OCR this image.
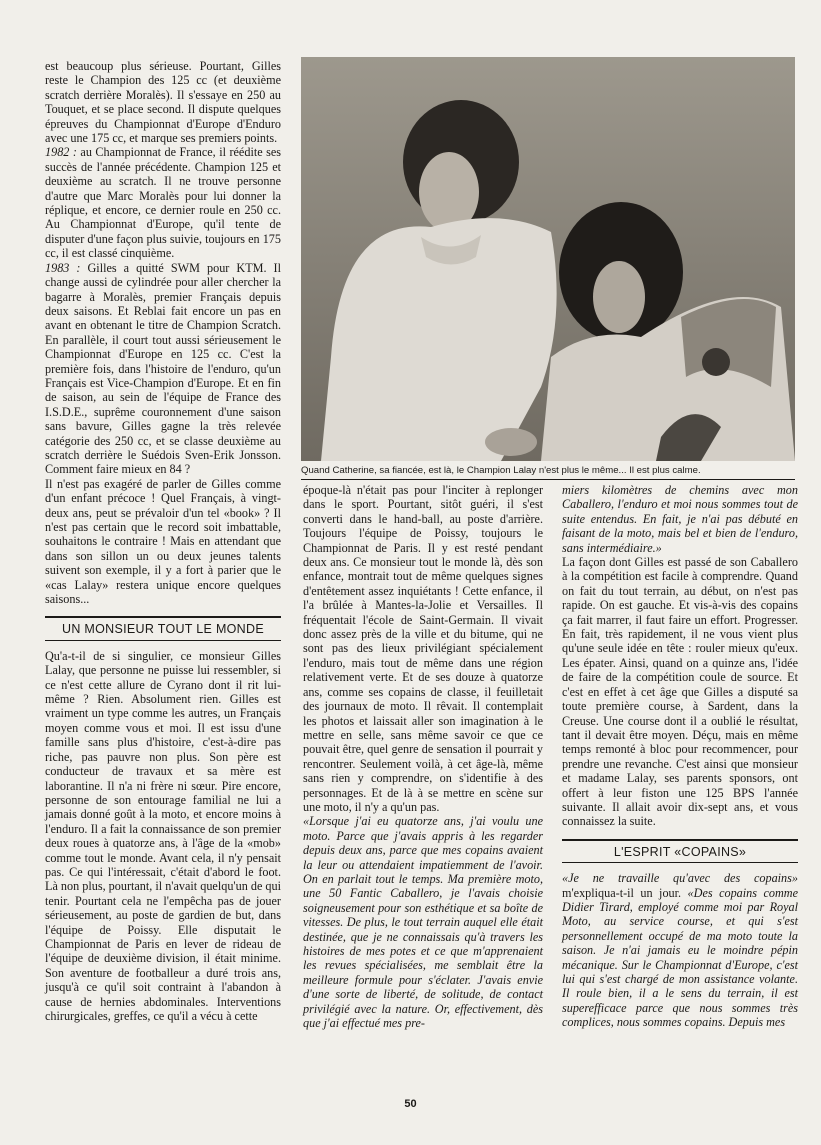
est beaucoup plus sérieuse. Pourtant, Gilles reste le Champion des 125 cc (et deuxième scratch derrière Moralès). Il s'essaye en 250 au Touquet, et se place second. Il dispute quelques épreuves du Championnat d'Europe d'Enduro avec une 175 cc, et marque ses premiers points.

1982 : au Championnat de France, il réédite ses succès de l'année précédente. Champion 125 et deuxième au scratch. Il ne trouve personne d'autre que Marc Moralès pour lui donner la réplique, et encore, ce dernier roule en 250 cc. Au Championnat d'Europe, qu'il tente de disputer d'une façon plus suivie, toujours en 175 cc, il est classé cinquième.

1983 : Gilles a quitté SWM pour KTM. Il change aussi de cylindrée pour aller chercher la bagarre à Moralès, premier Français depuis deux saisons. Et Reblai fait encore un pas en avant en obtenant le titre de Champion Scratch. En parallèle, il court tout aussi sérieusement le Championnat d'Europe en 125 cc. C'est la première fois, dans l'histoire de l'enduro, qu'un Français est Vice-Champion d'Europe. Et en fin de saison, au sein de l'équipe de France des I.S.D.E., suprême couronnement d'une saison sans bavure, Gilles gagne la très relevée catégorie des 250 cc, et se classe deuxième au scratch derrière le Suédois Sven-Erik Jonsson. Comment faire mieux en 84 ?

Il n'est pas exagéré de parler de Gilles comme d'un enfant précoce ! Quel Français, à vingt-deux ans, peut se prévaloir d'un tel «book» ? Il n'est pas certain que le record soit imbattable, souhaitons le contraire ! Mais en attendant que dans son sillon un ou deux jeunes talents suivent son exemple, il y a fort à parier que le «cas Lalay» restera unique encore quelques saisons...

UN MONSIEUR TOUT LE MONDE

Qu'a-t-il de si singulier, ce monsieur Gilles Lalay, que personne ne puisse lui ressembler, si ce n'est cette allure de Cyrano dont il rit lui-même ? Rien. Absolument rien. Gilles est vraiment un type comme les autres, un Français moyen comme vous et moi. Il est issu d'une famille sans plus d'histoire, c'est-à-dire pas riche, pas pauvre non plus. Son père est conducteur de travaux et sa mère est laborantine. Il n'a ni frère ni sœur. Pire encore, personne de son entourage familial ne lui a jamais donné goût à la moto, et encore moins à l'enduro. Il a fait la connaissance de son premier deux roues à quatorze ans, à l'âge de la «mob» comme tout le monde. Avant cela, il n'y pensait pas. Ce qui l'intéressait, c'était d'abord le foot. Là non plus, pourtant, il n'avait quelqu'un de qui tenir. Pourtant cela ne l'empêcha pas de jouer sérieusement, au poste de gardien de but, dans l'équipe de Poissy. Elle disputait le Championnat de Paris en lever de rideau de l'équipe de deuxième division, il était minime. Son aventure de footballeur a duré trois ans, jusqu'à ce qu'il soit contraint à l'abandon à cause de hernies abdominales. Interventions chirurgicales, greffes, ce qu'il a vécu à cette

Quand Catherine, sa fiancée, est là, le Champion Lalay n'est plus le même... Il est plus calme.

époque-là n'était pas pour l'inciter à replonger dans le sport. Pourtant, sitôt guéri, il s'est converti dans le hand-ball, au poste d'arrière. Toujours l'équipe de Poissy, toujours le Championnat de Paris. Il y est resté pendant deux ans. Ce monsieur tout le monde là, dès son enfance, montrait tout de même quelques signes d'entêtement assez inquiétants ! Cette enfance, il l'a brûlée à Mantes-la-Jolie et Versailles. Il fréquentait l'école de Saint-Germain. Il vivait donc assez près de la ville et du bitume, qui ne sont pas des lieux privilégiant spécialement l'enduro, mais tout de même dans une région relativement verte. Et de ses douze à quatorze ans, comme ses copains de classe, il feuilletait des journaux de moto. Il rêvait. Il contemplait les photos et laissait aller son imagination à le mettre en selle, sans même savoir ce que ce pouvait être, quel genre de sensation il pourrait y rencontrer. Seulement voilà, à cet âge-là, même sans rien y comprendre, on s'identifie à des personnages. Et de là à se mettre en scène sur une moto, il n'y a qu'un pas.

«Lorsque j'ai eu quatorze ans, j'ai voulu une moto. Parce que j'avais appris à les regarder depuis deux ans, parce que mes copains avaient la leur ou attendaient impatiemment de l'avoir. On en parlait tout le temps. Ma première moto, une 50 Fantic Caballero, je l'avais choisie soigneusement pour son esthétique et sa boîte de vitesses. De plus, le tout terrain auquel elle était destinée, que je ne connaissais qu'à travers les histoires de mes potes et ce que m'apprenaient les revues spécialisées, me semblait être la meilleure formule pour s'éclater. J'avais envie d'une sorte de liberté, de solitude, de contact privilégié avec la nature. Or, effectivement, dès que j'ai effectué mes pre-

miers kilomètres de chemins avec mon Caballero, l'enduro et moi nous sommes tout de suite entendus. En fait, je n'ai pas débuté en faisant de la moto, mais bel et bien de l'enduro, sans intermédiaire.»

La façon dont Gilles est passé de son Caballero à la compétition est facile à comprendre. Quand on fait du tout terrain, au début, on n'est pas rapide. On est gauche. Et vis-à-vis des copains ça fait marrer, il faut faire un effort. Progresser. En fait, très rapidement, il ne vous vient plus qu'une seule idée en tête : rouler mieux qu'eux. Les épater. Ainsi, quand on a quinze ans, l'idée de faire de la compétition coule de source. Et c'est en effet à cet âge que Gilles a disputé sa toute première course, à Sardent, dans la Creuse. Une course dont il a oublié le résultat, tant il devait être moyen. Déçu, mais en même temps remonté à bloc pour recommencer, pour prendre une revanche. C'est ainsi que monsieur et madame Lalay, ses parents sponsors, ont offert à leur fiston une 125 BPS l'année suivante. Il allait avoir dix-sept ans, et vous connaissez la suite.

L'ESPRIT «COPAINS»

«Je ne travaille qu'avec des copains» m'expliqua-t-il un jour. «Des copains comme Didier Tirard, employé comme moi par Royal Moto, au service course, et qui s'est personnellement occupé de ma moto toute la saison. Je n'ai jamais eu le moindre pépin mécanique. Sur le Championnat d'Europe, c'est lui qui s'est chargé de mon assistance volante. Il roule bien, il a le sens du terrain, il est superefficace parce que nous sommes très complices, nous sommes copains. Depuis mes

50
